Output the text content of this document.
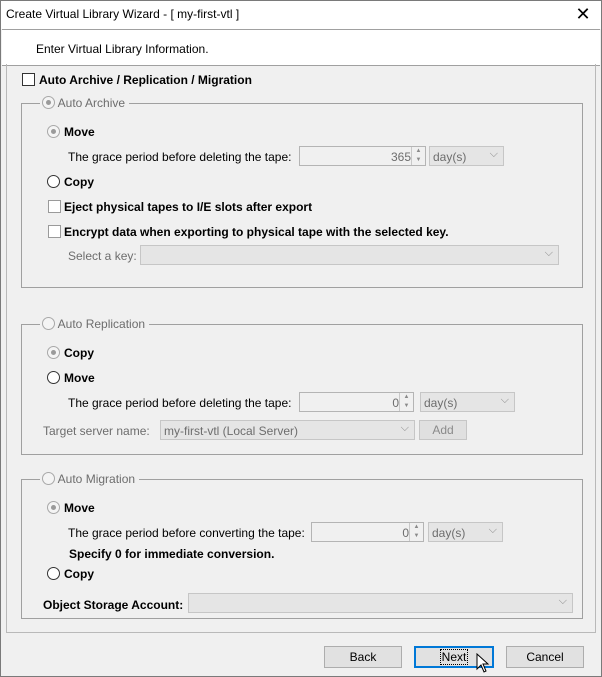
Create Virtual Library Wizard - [ my-first-vtl ]	✕
Enter Virtual Library Information.
Auto Archive / Replication / Migration
Auto Archive
Move
The grace period before deleting the tape:	365 ▲
▼ day(s) ⌵
Copy
Eject physical tapes to I/E slots after export
Encrypt data when exporting to physical tape with the selected key.
Select a key:	⌵
Auto Replication
Copy
Move
The grace period before deleting the tape:	0 ▲
▼ day(s)	⌵
Target server name: my-first-vtl (Local Server)	⌵	Add
Auto Migration
Move
The grace period before converting the tape:	0 ▲
▼ day(s) ⌵
Specify 0 for immediate conversion.
Copy
Object Storage Account:	⌵
Back	Next	Cancel
